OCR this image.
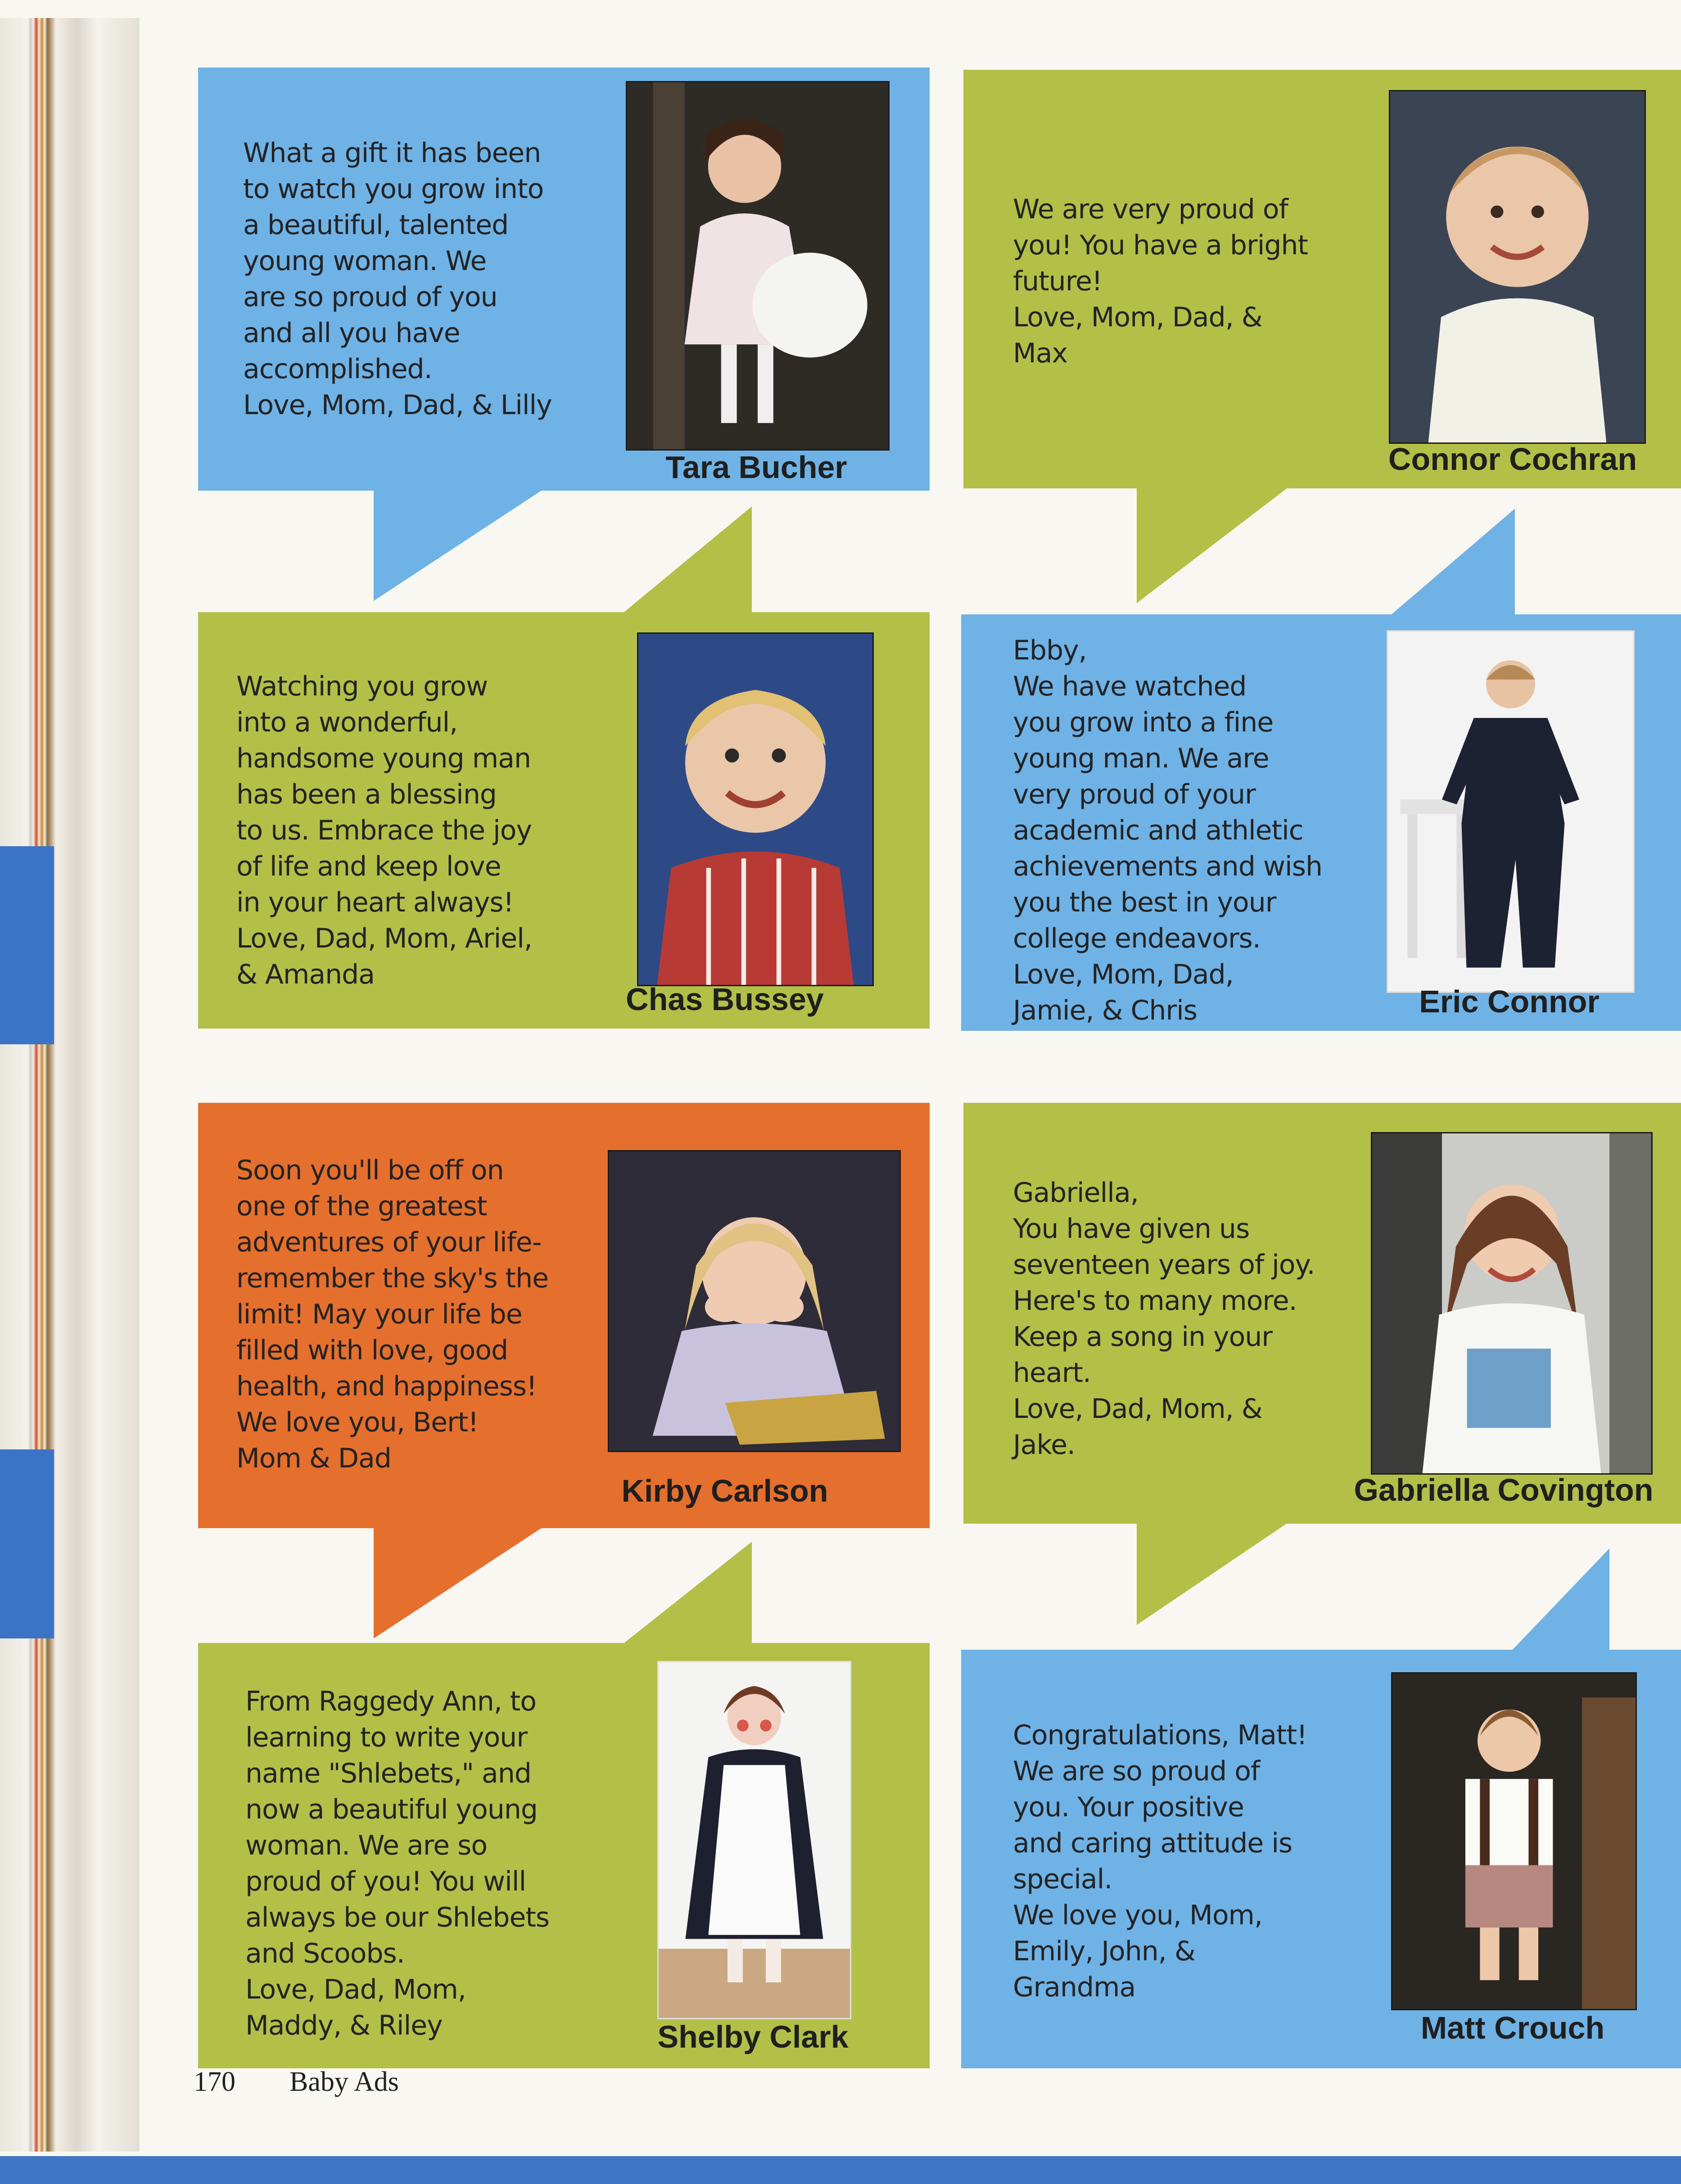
What a gift it has been
to watch you grow into
a beautiful, talented
young woman. We
are so proud of you
and all you have
accomplished.
Love, Mom, Dad, & Lilly
Tara Bucher
We are very proud of
you! You have a bright
future!
Love, Mom, Dad, &
Max
Connor Cochran
Watching you grow
into a wonderful,
handsome young man
has been a blessing
to us. Embrace the joy
of life and keep love
in your heart always!
Love, Dad, Mom, Ariel,
& Amanda
Chas Bussey
Ebby,
We have watched
you grow into a fine
young man. We are
very proud of your
academic and athletic
achievements and wish
you the best in your
college endeavors.
Love, Mom, Dad,
Jamie, & Chris	Eric Connor
Soon you'll be off on
one of the greatest
adventures of your life-
remember the sky's the
limit! May your life be
filled with love, good
health, and happiness!
We love you, Bert!
Mom & Dad
Kirby Carlson
Gabriella,
You have given us
seventeen years of joy.
Here's to many more.
Keep a song in your
heart.
Love, Dad, Mom, &
Jake.
Gabriella Covington
From Raggedy Ann, to
learning to write your
name "Shlebets," and
now a beautiful young
woman. We are so
proud of you! You will
always be our Shlebets
and Scoobs.
Love, Dad, Mom,
Maddy, & Riley	Shelby Clark
Congratulations, Matt!
We are so proud of
you. Your positive
and caring attitude is
special.
We love you, Mom,
Emily, John, &
Grandma
Matt Crouch
170 Baby Ads
